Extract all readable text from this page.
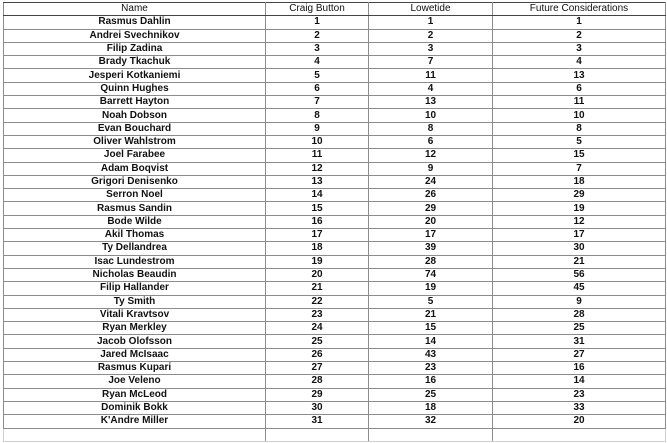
Name	Craig Button	Lowetide	Future Considerations
Rasmus Dahlin	1	1	1
Andrei Svechnikov	2	2	2
Filip Zadina	3	3	3
Brady Tkachuk	4	7	4
Jesperi Kotkaniemi	5	11	13
Quinn Hughes	6	4	6
Barrett Hayton	7	13	11
Noah Dobson	8	10	10
Evan Bouchard	9	8	8
Oliver Wahlstrom	10	6	5
Joel Farabee	11	12	15
Adam Boqvist	12	9	7
Grigori Denisenko	13	24	18
Serron Noel	14	26	29
Rasmus Sandin	15	29	19
Bode Wilde	16	20	12
Akil Thomas	17	17	17
Ty Dellandrea	18	39	30
Isac Lundestrom	19	28	21
Nicholas Beaudin	20	74	56
Filip Hallander	21	19	45
Ty Smith	22	5	9
Vitali Kravtsov	23	21	28
Ryan Merkley	24	15	25
Jacob Olofsson	25	14	31
Jared McIsaac	26	43	27
Rasmus Kupari	27	23	16
Joe Veleno	28	16	14
Ryan McLeod	29	25	23
Dominik Bokk	30	18	33
K'Andre Miller	31	32	20
